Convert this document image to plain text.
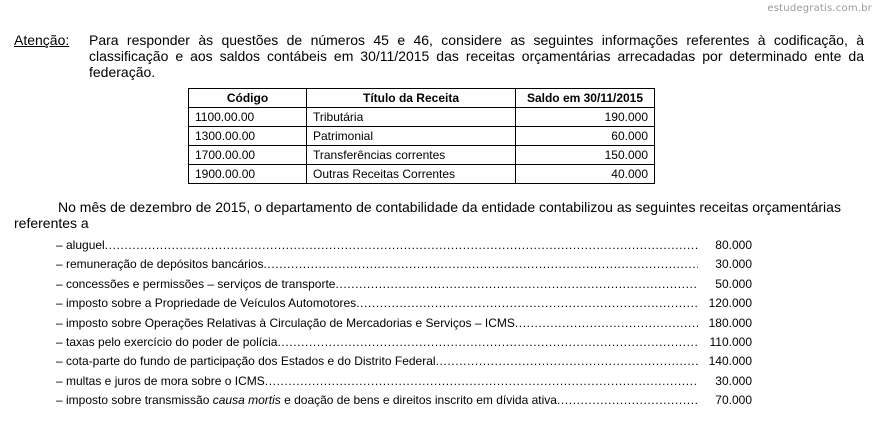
estudegratis.com.br
Atenção: Para responder às questões de números 45 e 46, considere as seguintes informações referentes à codificação, à classificação e aos saldos contábeis em 30/11/2015 das receitas orçamentárias arrecadadas por determinado ente da federação.
Código	Título da Receita	Saldo em 30/11/2015
1100.00.00	Tributária	190.000
1300.00.00	Patrimonial	60.000
1700.00.00	Transferências correntes	150.000
1900.00.00	Outras Receitas Correntes	40.000
No mês de dezembro de 2015, o departamento de contabilidade da entidade contabilizou as seguintes receitas orçamentárias referentes a
– aluguel .....	80.000
– remuneração de depósitos bancários .....	30.000
– concessões e permissões – serviços de transporte .....	50.000
– imposto sobre a Propriedade de Veículos Automotores .....	120.000
– imposto sobre Operações Relativas à Circulação de Mercadorias e Serviços – ICMS .....	180.000
– taxas pelo exercício do poder de polícia .....	110.000
– cota-parte do fundo de participação dos Estados e do Distrito Federal .....	140.000
– multas e juros de mora sobre o ICMS .....	30.000
– imposto sobre transmissão causa mortis e doação de bens e direitos inscrito em dívida ativa .....	70.000
